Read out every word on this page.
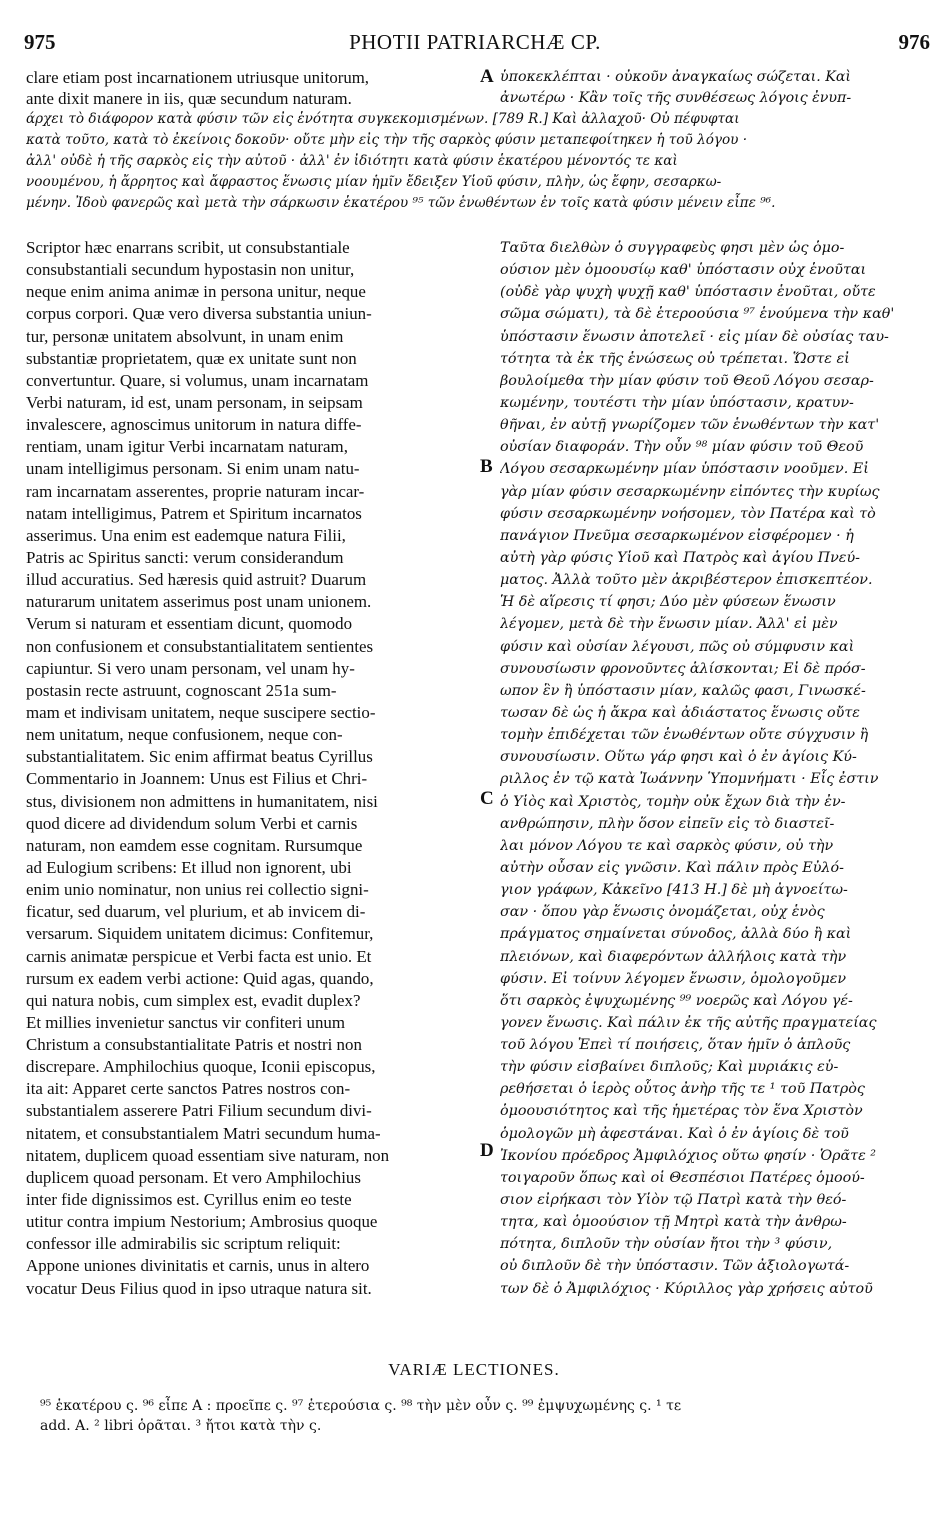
975	PHOTII PATRIARCHÆ CP.	976
clare etiam post incarnationem utriusque unitorum,
ante dixit manere in iis, quæ secundum naturam.
A ὑποκεκλέπται · οὐκοῦν ἀναγκαίως σώζεται. Καὶ
ἀνωτέρω · Κἂν τοῖς τῆς συνθέσεως λόγοις ἐνυπ-
άρχει τὸ διάφορον κατὰ φύσιν τῶν εἰς ἑνότητα συγκεκομισμένων. [789 R.] Καὶ ἀλλαχοῦ· Οὐ πέφυφται
κατὰ τοῦτο, κατὰ τὸ ἐκείνοις δοκοῦν· οὔτε μὴν εἰς τὴν τῆς σαρκὸς φύσιν μεταπεφοίτηκεν ἡ τοῦ λόγου ·
ἀλλ' οὐδὲ ἡ τῆς σαρκὸς εἰς τὴν αὐτοῦ · ἀλλ' ἐν ἰδιότητι κατὰ φύσιν ἑκατέρου μένοντός τε καὶ
νοουμένου, ἡ ἄρρητος καὶ ἄφραστος ἕνωσις μίαν ἡμῖν ἔδειξεν Υἱοῦ φύσιν, πλὴν, ὡς ἔφην, σεσαρκω-
μένην. Ἰδοὺ φανερῶς καὶ μετὰ τὴν σάρκωσιν ἑκατέρου ⁹⁵ τῶν ἑνωθέντων ἐν τοῖς κατὰ φύσιν μένειν εἶπε ⁹⁶.
Scriptor hæc enarrans scribit, ut consubstantiale
consubstantiali secundum hypostasin non unitur,
neque enim anima animæ in persona unitur, neque
corpus corpori. Quæ vero diversa substantia uniun-
tur, personæ unitatem absolvunt, in unam enim
substantiæ proprietatem, quæ ex unitate sunt non
convertuntur. Quare, si volumus, unam incarnatam
Verbi naturam, id est, unam personam, in seipsam
invalescere, agnoscimus unitorum in natura diffe-
rentiam, unam igitur Verbi incarnatam naturam,
unam intelligimus personam. Si enim unam natu-
ram incarnatam asserentes, proprie naturam incar-
natam intelligimus, Patrem et Spiritum incarnatos
asserimus. Una enim est eademque natura Filii,
Patris ac Spiritus sancti: verum considerandum
illud accuratius. Sed hæresis quid astruit? Duarum
naturarum unitatem asserimus post unam unionem.
Verum si naturam et essentiam dicunt, quomodo
non confusionem et consubstantialitatem sentientes
capiuntur. Si vero unam personam, vel unam hy-
postasin recte astruunt, cognoscant 251a sum-
mam et indivisam unitatem, neque suscipere sectio-
nem unitatum, neque confusionem, neque con-
substantialitatem. Sic enim affirmat beatus Cyrillus
Commentario in Joannem: Unus est Filius et Chri-
stus, divisionem non admittens in humanitatem, nisi
quod dicere ad dividendum solum Verbi et carnis
naturam, non eamdem esse cognitam. Rursumque
ad Eulogium scribens: Et illud non ignorent, ubi
enim unio nominatur, non unius rei collectio signi-
ficatur, sed duarum, vel plurium, et ab invicem di-
versarum. Siquidem unitatem dicimus: Confitemur,
carnis animatæ perspicue et Verbi facta est unio. Et
rursum ex eadem verbi actione: Quid agas, quando,
qui natura nobis, cum simplex est, evadit duplex?
Et millies invenietur sanctus vir confiteri unum
Christum a consubstantialitate Patris et nostri non
discrepare. Amphilochius quoque, Iconii episcopus,
ita ait: Apparet certe sanctos Patres nostros con-
substantialem asserere Patri Filium secundum divi-
nitatem, et consubstantialem Matri secundum huma-
nitatem, duplicem quoad essentiam sive naturam, non
duplicem quoad personam. Et vero Amphilochius
inter fide dignissimos est. Cyrillus enim eo teste
utitur contra impium Nestorium; Ambrosius quoque
confessor ille admirabilis sic scriptum reliquit:
Appone uniones divinitatis et carnis, unus in altero
vocatur Deus Filius quod in ipso utraque natura sit.
Ταῦτα διελθὼν ὁ συγγραφεὺς φησι μὲν ὡς ὁμο-
ούσιον μὲν ὁμοουσίῳ καθ' ὑπόστασιν οὐχ ἑνοῦται
(οὐδὲ γὰρ ψυχὴ ψυχῇ καθ' ὑπόστασιν ἑνοῦται, οὔτε
σῶμα σώματι), τὰ δὲ ἑτεροούσια ⁹⁷ ἑνούμενα τὴν καθ'
ὑπόστασιν ἕνωσιν ἀποτελεῖ · εἰς μίαν δὲ οὐσίας ταυ-
τότητα τὰ ἐκ τῆς ἑνώσεως οὐ τρέπεται. Ὥστε εἰ
βουλοίμεθα τὴν μίαν φύσιν τοῦ Θεοῦ Λόγου σεσαρ-
κωμένην, τουτέστι τὴν μίαν ὑπόστασιν, κρατυν-
θῆναι, ἐν αὐτῇ γνωρίζομεν τῶν ἑνωθέντων τὴν κατ'
οὐσίαν διαφοράν. Τὴν οὖν ⁹⁸ μίαν φύσιν τοῦ Θεοῦ
Λόγου σεσαρκωμένην μίαν ὑπόστασιν νοοῦμεν. Εἰ
γὰρ μίαν φύσιν σεσαρκωμένην εἰπόντες τὴν κυρίως
φύσιν σεσαρκωμένην νοήσομεν, τὸν Πατέρα καὶ τὸ
πανάγιον Πνεῦμα σεσαρκωμένον εἰσφέρομεν · ἡ
αὐτὴ γὰρ φύσις Υἱοῦ καὶ Πατρὸς καὶ ἁγίου Πνεύ-
ματος. Ἀλλὰ τοῦτο μὲν ἀκριβέστερον ἐπισκεπτέον.
Ἡ δὲ αἵρεσις τί φησι; Δύο μὲν φύσεων ἕνωσιν
λέγομεν, μετὰ δὲ τὴν ἕνωσιν μίαν. Ἀλλ' εἰ μὲν
φύσιν καὶ οὐσίαν λέγουσι, πῶς οὐ σύμφυσιν καὶ
συνουσίωσιν φρονοῦντες ἁλίσκονται; Εἰ δὲ πρόσ-
ωπον ἓν ἢ ὑπόστασιν μίαν, καλῶς φασι, Γινωσκέ-
τωσαν δὲ ὡς ἡ ἄκρα καὶ ἀδιάστατος ἕνωσις οὔτε
τομὴν ἐπιδέχεται τῶν ἑνωθέντων οὔτε σύγχυσιν ἢ
συνουσίωσιν. Οὕτω γάρ φησι καὶ ὁ ἐν ἁγίοις Κύ-
ριλλος ἐν τῷ κατὰ Ἰωάννην Ὑπομνήματι · Εἷς ἐστιν
ὁ Υἱὸς καὶ Χριστὸς, τομὴν οὐκ ἔχων διὰ τὴν ἐν-
ανθρώπησιν, πλὴν ὅσον εἰπεῖν εἰς τὸ διαστεῖ-
λαι μόνον Λόγου τε καὶ σαρκὸς φύσιν, οὐ τὴν
αὐτὴν οὖσαν εἰς γνῶσιν. Καὶ πάλιν πρὸς Εὐλό-
γιον γράφων, Κἀκεῖνο [413 H.] δὲ μὴ ἀγνοείτω-
σαν · ὅπου γὰρ ἕνωσις ὀνομάζεται, οὐχ ἑνὸς
πράγματος σημαίνεται σύνοδος, ἀλλὰ δύο ἢ καὶ
πλειόνων, καὶ διαφερόντων ἀλλήλοις κατὰ τὴν
φύσιν. Εἰ τοίνυν λέγομεν ἕνωσιν, ὁμολογοῦμεν
ὅτι σαρκὸς ἐψυχωμένης ⁹⁹ νοερῶς καὶ Λόγου γέ-
γονεν ἕνωσις. Καὶ πάλιν ἐκ τῆς αὐτῆς πραγματείας
τοῦ λόγου Ἐπεὶ τί ποιήσεις, ὅταν ἡμῖν ὁ ἁπλοῦς
τὴν φύσιν εἰσβαίνει διπλοῦς; Καὶ μυριάκις εὑ-
ρεθήσεται ὁ ἱερὸς οὗτος ἀνὴρ τῆς τε ¹ τοῦ Πατρὸς
ὁμοουσιότητος καὶ τῆς ἡμετέρας τὸν ἕνα Χριστὸν
ὁμολογῶν μὴ ἀφεστάναι. Καὶ ὁ ἐν ἁγίοις δὲ τοῦ
Ἰκονίου πρόεδρος Ἀμφιλόχιος οὕτω φησίν · Ὁρᾶτε ²
τοιγαροῦν ὅπως καὶ οἱ Θεσπέσιοι Πατέρες ὁμοού-
σιον εἰρήκασι τὸν Υἱὸν τῷ Πατρὶ κατὰ τὴν θεό-
τητα, καὶ ὁμοούσιον τῇ Μητρὶ κατὰ τὴν ἀνθρω-
πότητα, διπλοῦν τὴν οὐσίαν ἤτοι τὴν ³ φύσιν,
οὐ διπλοῦν δὲ τὴν ὑπόστασιν. Τῶν ἀξιολογωτά-
των δὲ ὁ Ἀμφιλόχιος · Κύριλλος γὰρ χρήσεις αὐτοῦ
B
C
D
VARIÆ LECTIONES.
⁹⁵ ἑκατέρου ς. ⁹⁶ εἶπε A : προεῖπε ς. ⁹⁷ ἑτερούσια ς. ⁹⁸ τὴν μὲν οὖν ς. ⁹⁹ ἐμψυχωμένης ς. ¹ τε
add. A. ² libri ὁρᾶται. ³ ἤτοι κατὰ τὴν ς.
